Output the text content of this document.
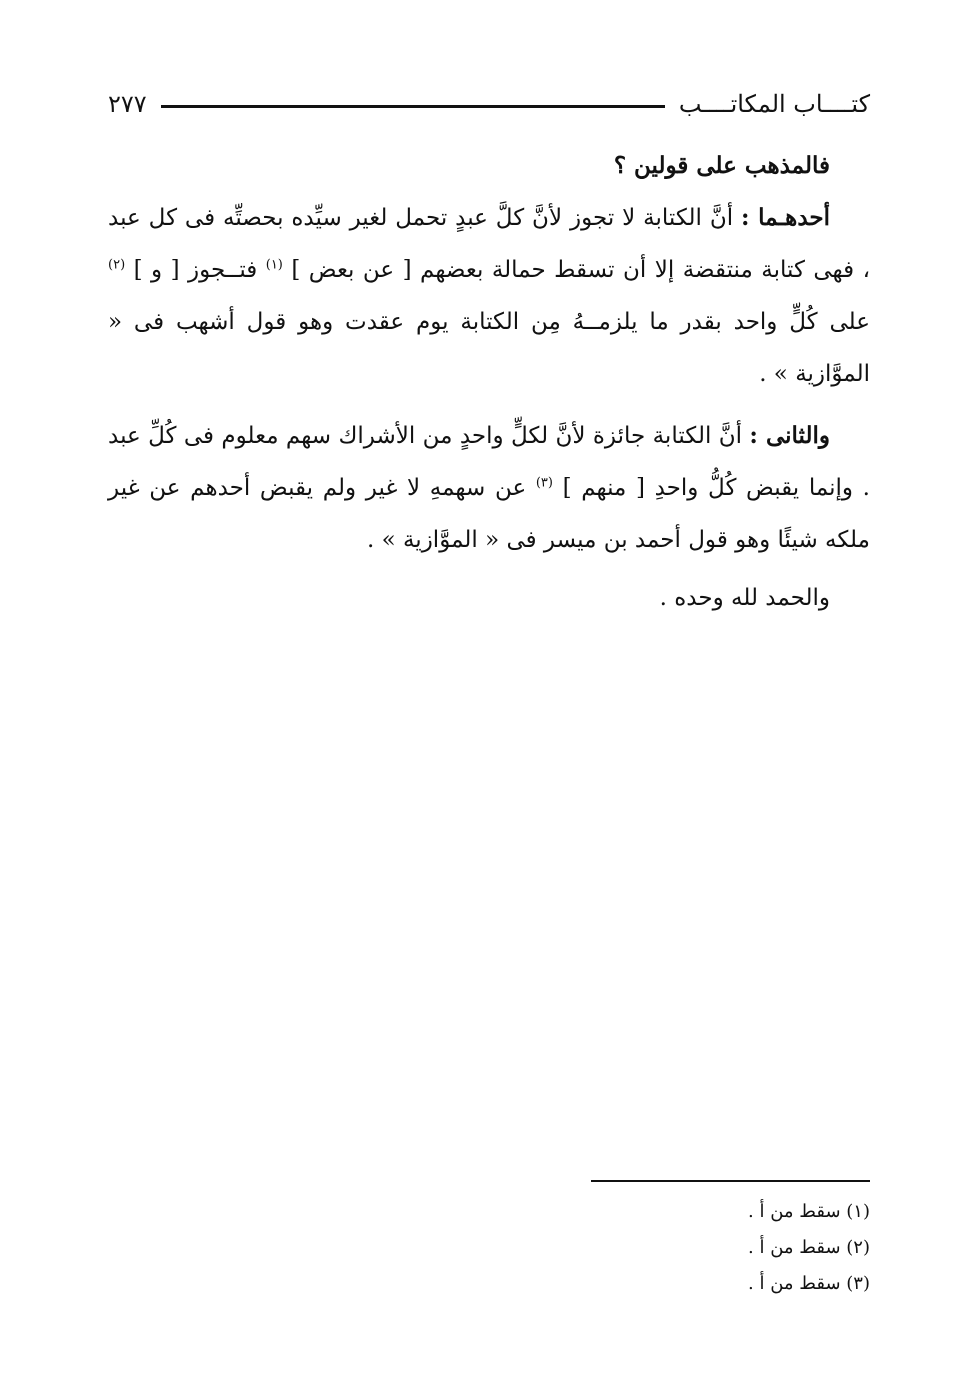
كتــــاب المكاتــــب
٢٧٧

فالمذهب على قولين ؟

أحدهـما : أنَّ الكتابة لا تجوز لأنَّ كلَّ عبدٍ تحمل لغير سيِّده بحصتِّه فى كل عبد ، فهى كتابة منتقضة إلا أن تسقط حمالة بعضهم [ عن بعض ] $^{(١)}$ فتــجوز [ و ] $^{(٢)}$ على كُلٍّ واحد بقدر ما يلزمــهُ مِن الكتابة يوم عقدت وهو قول أشهب فى « الموَّازية » .

والثانى : أنَّ الكتابة جائزة لأنَّ لكلٍّ واحدٍ من الأشراك سهم معلوم فى كُلِّ عبد . وإنما يقبض كُلُّ واحدِ [ منهم ] $^{(٣)}$ عن سهمهِ لا غير ولم يقبض أحدهم عن غير ملكه شيئًا وهو قول أحمد بن ميسر فى « الموَّازية » .

والحمد لله وحده .

(١) سقط من أ .

(٢) سقط من أ .

(٣) سقط من أ .
